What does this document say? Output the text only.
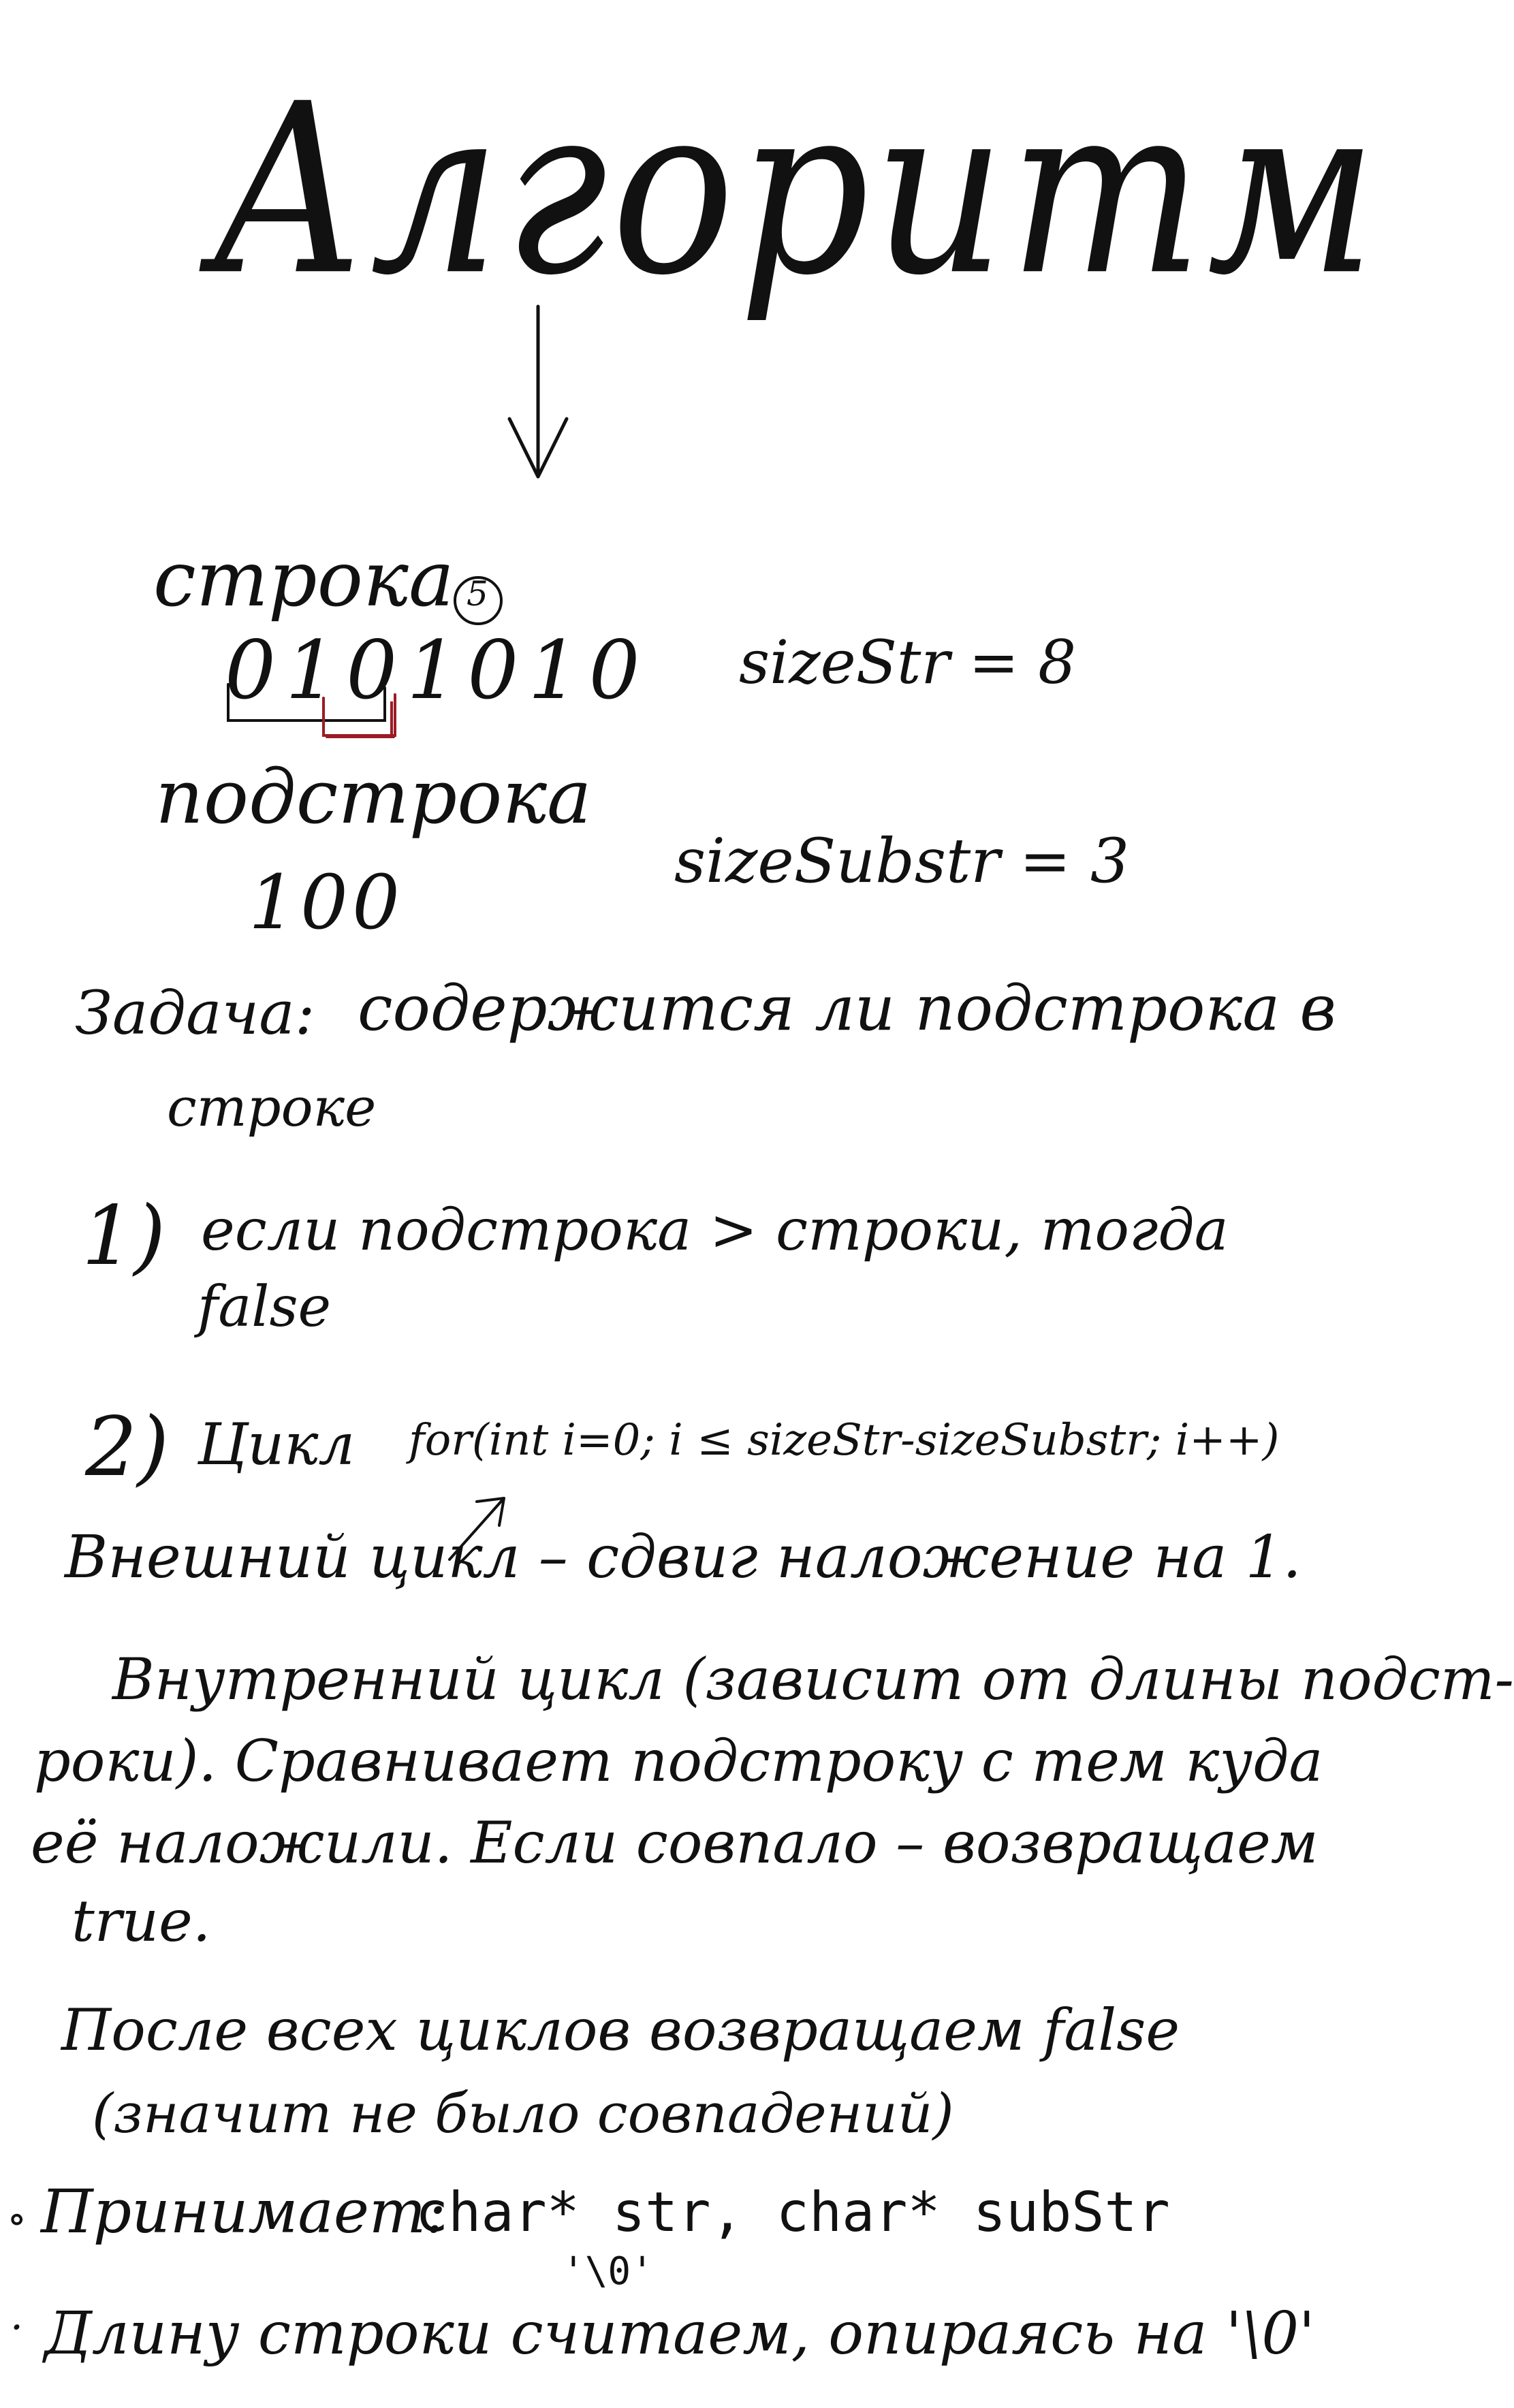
Алгоритм
строка 5
0101010 sizeStr = 8
подстрока
100	sizeSubstr = 3
Задача: содержится ли подстрока в
строке
1) если подстрока > строки, тогда
false
2) Цикл for(int i=0; i ≤ sizeStr-sizeSubstr; i++)
Внешний цикл – сдвиг наложение на 1.
Внутренний цикл (зависит от длины подст-
роки). Сравнивает подстроку с тем куда
её наложили. Если совпало – возвращаем
true.
После всех циклов возвращаем false
(значит не было совпадений)
∘ Принимает:
char* str, char* subStr
'\0'
· Длину строки считаем, опираясь на '\0'
